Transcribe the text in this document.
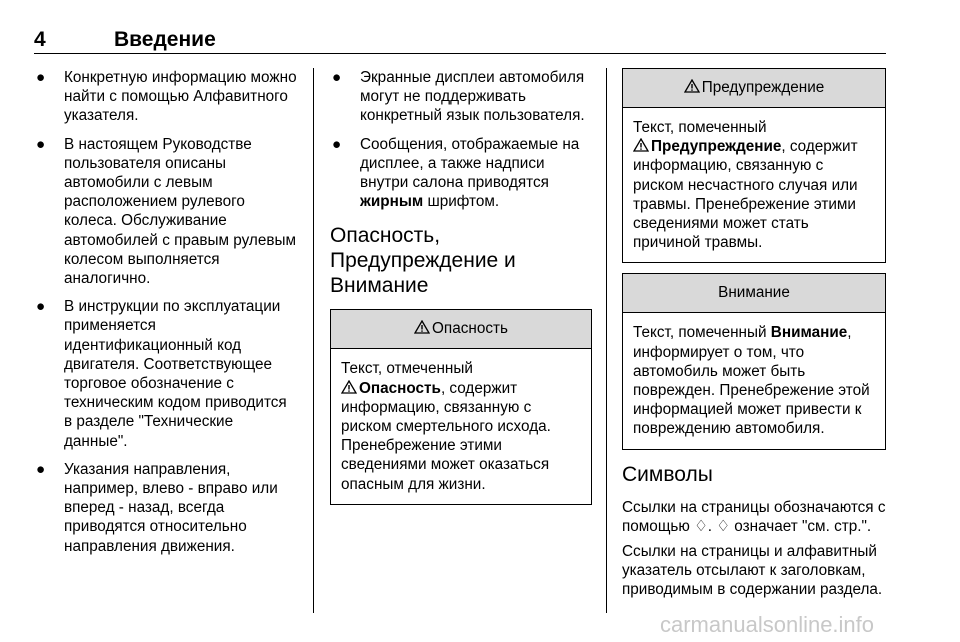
4	Введение
● Конкретную информацию можно найти с помощью Алфавитного указателя.
● В настоящем Руководстве пользователя описаны автомобили с левым расположением рулевого колеса. Обслуживание автомобилей с правым рулевым колесом выполняется аналогично.
● В инструкции по эксплуатации применяется идентификационный код двигателя. Соответствующее торговое обозначение с техническим кодом приводится в разделе "Технические данные".
● Указания направления, например, влево - вправо или вперед - назад, всегда приводятся относительно направления движения.
● Экранные дисплеи автомобиля могут не поддерживать конкретный язык пользователя.
● Сообщения, отображаемые на дисплее, а также надписи внутри салона приводятся жирным шрифтом.
Опасность, Предупреждение и Внимание
Опасность
Текст, отмеченный
Опасность, содержит информацию, связанную с риском смертельного исхода. Пренебрежение этими сведениями может оказаться опасным для жизни.
Предупреждение
Текст, помеченный
Предупреждение, содержит информацию, связанную с риском несчастного случая или травмы. Пренебрежение этими сведениями может стать причиной травмы.
Внимание
Текст, помеченный Внимание, информирует о том, что автомобиль может быть поврежден. Пренебрежение этой информацией может привести к повреждению автомобиля.
Символы

Ссылки на страницы обозначаются с помощью ♢. ♢ означает "см. стр.".

Ссылки на страницы и алфавитный указатель отсылают к заголовкам, приводимым в содержании раздела.

carmanualsonline.info
